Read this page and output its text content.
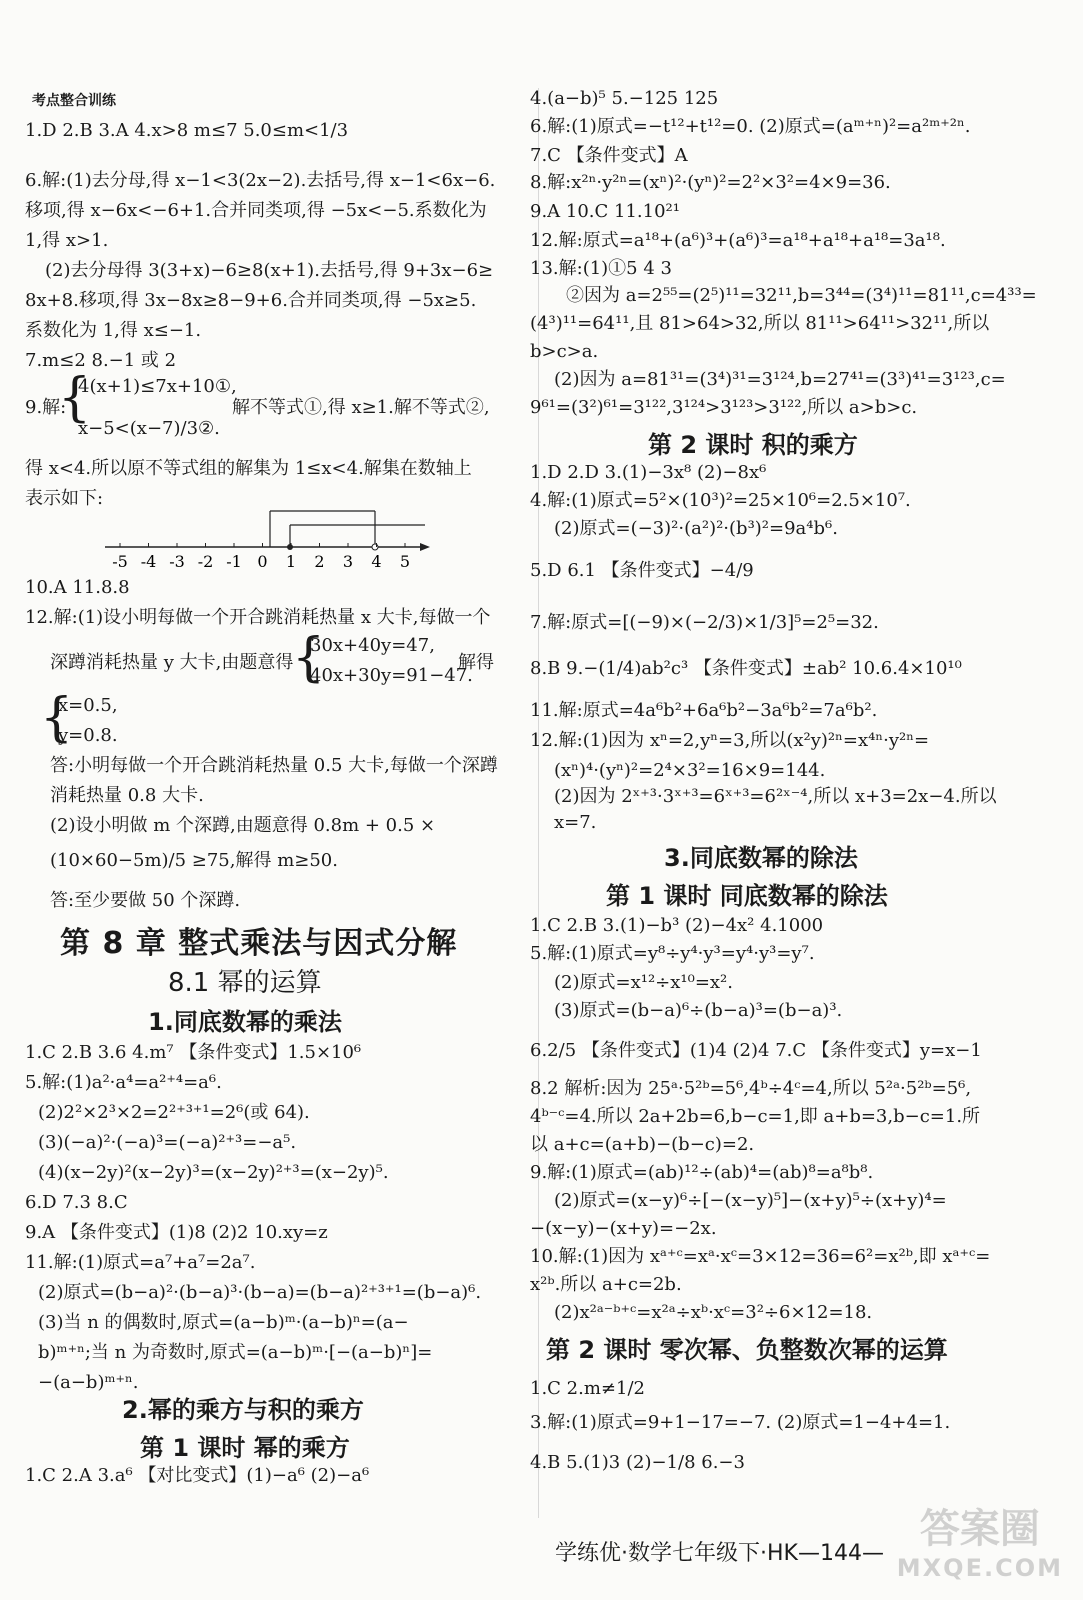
考点整合训练
1.D 2.B 3.A 4.x>8 m≤7 5.0≤m<1/3
6.解:(1)去分母,得 x−1<3(2x−2).去括号,得 x−1<6x−6.
移项,得 x−6x<−6+1.合并同类项,得 −5x<−5.系数化为
1,得 x>1.
(2)去分母得 3(3+x)−6≥8(x+1).去括号,得 9+3x−6≥
8x+8.移项,得 3x−8x≥8−9+6.合并同类项,得 −5x≥5.
系数化为 1,得 x≤−1.
7.m≤2 8.−1 或 2
9.解:
{
4(x+1)≤7x+10①,
x−5<(x−7)/3②.
解不等式①,得 x≥1.解不等式②,
得 x<4.所以原不等式组的解集为 1≤x<4.解集在数轴上
表示如下:
-5 -4 -3 -2 -1 0 1 2 3 4 5
10.A 11.8.8
12.解:(1)设小明每做一个开合跳消耗热量 x 大卡,每做一个
深蹲消耗热量 y 大卡,由题意得
{
30x+40y=47,
40x+30y=91−47.
解得
{
x=0.5,
y=0.8.
答:小明每做一个开合跳消耗热量 0.5 大卡,每做一个深蹲
消耗热量 0.8 大卡.
(2)设小明做 m 个深蹲,由题意得 0.8m + 0.5 ×
(10×60−5m)/5 ≥75,解得 m≥50.
答:至少要做 50 个深蹲.
第 8 章 整式乘法与因式分解
8.1 幂的运算
1.同底数幂的乘法
1.C 2.B 3.6 4.m⁷ 【条件变式】1.5×10⁶
5.解:(1)a²·a⁴=a²⁺⁴=a⁶.
(2)2²×2³×2=2²⁺³⁺¹=2⁶(或 64).
(3)(−a)²·(−a)³=(−a)²⁺³=−a⁵.
(4)(x−2y)²(x−2y)³=(x−2y)²⁺³=(x−2y)⁵.
6.D 7.3 8.C
9.A 【条件变式】(1)8 (2)2 10.xy=z
11.解:(1)原式=a⁷+a⁷=2a⁷.
(2)原式=(b−a)²·(b−a)³·(b−a)=(b−a)²⁺³⁺¹=(b−a)⁶.
(3)当 n 的偶数时,原式=(a−b)ᵐ·(a−b)ⁿ=(a−
b)ᵐ⁺ⁿ;当 n 为奇数时,原式=(a−b)ᵐ·[−(a−b)ⁿ]=
−(a−b)ᵐ⁺ⁿ.
2.幂的乘方与积的乘方
第 1 课时 幂的乘方
1.C 2.A 3.a⁶ 【对比变式】(1)−a⁶ (2)−a⁶
4.(a−b)⁵ 5.−125 125
6.解:(1)原式=−t¹²+t¹²=0. (2)原式=(aᵐ⁺ⁿ)²=a²ᵐ⁺²ⁿ.
7.C 【条件变式】A
8.解:x²ⁿ·y²ⁿ=(xⁿ)²·(yⁿ)²=2²×3²=4×9=36.
9.A 10.C 11.10²¹
12.解:原式=a¹⁸+(a⁶)³+(a⁶)³=a¹⁸+a¹⁸+a¹⁸=3a¹⁸.
13.解:(1)①5 4 3
②因为 a=2⁵⁵=(2⁵)¹¹=32¹¹,b=3⁴⁴=(3⁴)¹¹=81¹¹,c=4³³=
(4³)¹¹=64¹¹,且 81>64>32,所以 81¹¹>64¹¹>32¹¹,所以
b>c>a.
(2)因为 a=81³¹=(3⁴)³¹=3¹²⁴,b=27⁴¹=(3³)⁴¹=3¹²³,c=
9⁶¹=(3²)⁶¹=3¹²²,3¹²⁴>3¹²³>3¹²²,所以 a>b>c.
第 2 课时 积的乘方
1.D 2.D 3.(1)−3x⁸ (2)−8x⁶
4.解:(1)原式=5²×(10³)²=25×10⁶=2.5×10⁷.
(2)原式=(−3)²·(a²)²·(b³)²=9a⁴b⁶.
5.D 6.1 【条件变式】−4/9
7.解:原式=[(−9)×(−2/3)×1/3]⁵=2⁵=32.
8.B 9.−(1/4)ab²c³ 【条件变式】±ab² 10.6.4×10¹⁰
11.解:原式=4a⁶b²+6a⁶b²−3a⁶b²=7a⁶b².
12.解:(1)因为 xⁿ=2,yⁿ=3,所以(x²y)²ⁿ=x⁴ⁿ·y²ⁿ=
(xⁿ)⁴·(yⁿ)²=2⁴×3²=16×9=144.
(2)因为 2ˣ⁺³·3ˣ⁺³=6ˣ⁺³=6²ˣ⁻⁴,所以 x+3=2x−4.所以
x=7.
3.同底数幂的除法
第 1 课时 同底数幂的除法
1.C 2.B 3.(1)−b³ (2)−4x² 4.1000
5.解:(1)原式=y⁸÷y⁴·y³=y⁴·y³=y⁷.
(2)原式=x¹²÷x¹⁰=x².
(3)原式=(b−a)⁶÷(b−a)³=(b−a)³.
6.2/5 【条件变式】(1)4 (2)4 7.C 【条件变式】y=x−1
8.2 解析:因为 25ᵃ·5²ᵇ=5⁶,4ᵇ÷4ᶜ=4,所以 5²ᵃ·5²ᵇ=5⁶,
4ᵇ⁻ᶜ=4.所以 2a+2b=6,b−c=1,即 a+b=3,b−c=1.所
以 a+c=(a+b)−(b−c)=2.
9.解:(1)原式=(ab)¹²÷(ab)⁴=(ab)⁸=a⁸b⁸.
(2)原式=(x−y)⁶÷[−(x−y)⁵]−(x+y)⁵÷(x+y)⁴=
−(x−y)−(x+y)=−2x.
10.解:(1)因为 xᵃ⁺ᶜ=xᵃ·xᶜ=3×12=36=6²=x²ᵇ,即 xᵃ⁺ᶜ=
x²ᵇ.所以 a+c=2b.
(2)x²ᵃ⁻ᵇ⁺ᶜ=x²ᵃ÷xᵇ·xᶜ=3²÷6×12=18.
第 2 课时 零次幂、负整数次幂的运算
1.C 2.m≠1/2
3.解:(1)原式=9+1−17=−7. (2)原式=1−4+4=1.
4.B 5.(1)3 (2)−1/8 6.−3
学练优·数学七年级下·HK—144—
答案圈
MXQE.COM
